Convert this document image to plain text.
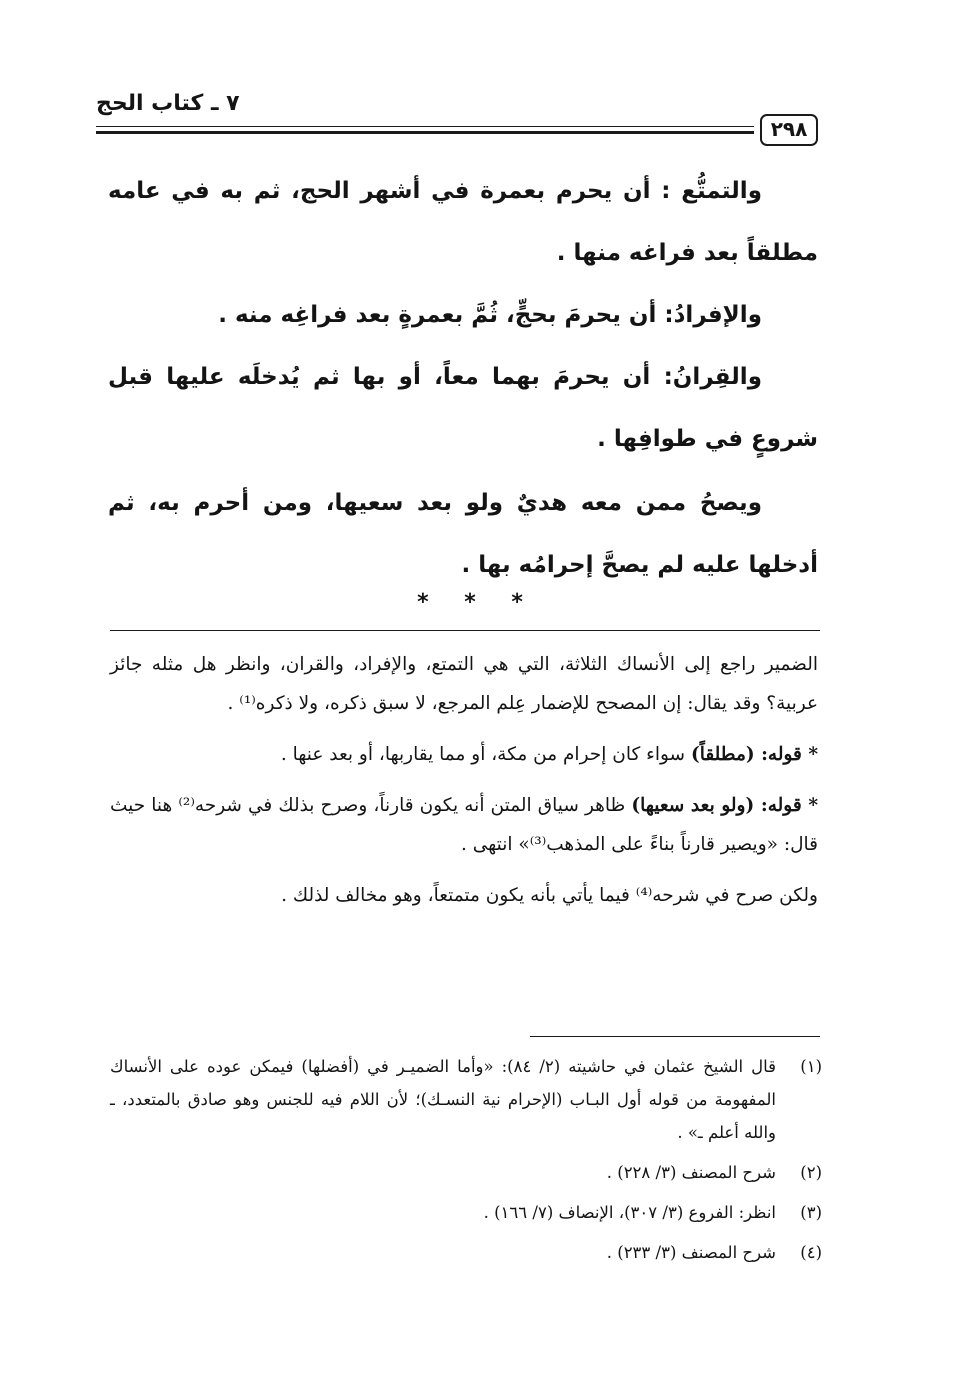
٧ ـ كتاب الحج
٢٩٨

والتمتُّع : أن يحرم بعمرة في أشهر الحج، ثم به في عامه مطلقاً بعد فراغه منها .

والإفرادُ: أن يحرمَ بحجٍّ، ثُمَّ بعمرةٍ بعد فراغِه منه .

والقِرانُ: أن يحرمَ بهما معاً، أو بها ثم يُدخلَه عليها قبل شروعٍ في طوافِها .

ويصحُ ممن معه هديٌ ولو بعد سعيها، ومن أحرم به، ثم أدخلها عليه لم يصحَّ إحرامُه بها .

* * *

الضمير راجع إلى الأنساك الثلاثة، التي هي التمتع، والإفراد، والقران، وانظر هل مثله جائز عربية؟ وقد يقال: إن المصحح للإضمار عِلم المرجع، لا سبق ذكره، ولا ذكره⁽¹⁾ .

* قوله: (مطلقاً) سواء كان إحرام من مكة، أو مما يقاربها، أو بعد عنها .

* قوله: (ولو بعد سعيها) ظاهر سياق المتن أنه يكون قارناً، وصرح بذلك في شرحه⁽²⁾ هنا حيث قال: «ويصير قارناً بناءً على المذهب⁽³⁾» انتهى .

ولكن صرح في شرحه⁽⁴⁾ فيما يأتي بأنه يكون متمتعاً، وهو مخالف لذلك .

(١)
قال الشيخ عثمان في حاشيته (٢/ ٨٤): «وأما الضميـر في (أفضلها) فيمكن عوده على الأنساك المفهومة من قوله أول البـاب (الإحرام نية النسـك)؛ لأن اللام فيه للجنس وهو صادق بالمتعدد، ـ والله أعلم ـ» .
(٢)
شرح المصنف (٣/ ٢٢٨) .
(٣)
انظر: الفروع (٣/ ٣٠٧)، الإنصاف (٧/ ١٦٦) .
(٤)
شرح المصنف (٣/ ٢٣٣) .
